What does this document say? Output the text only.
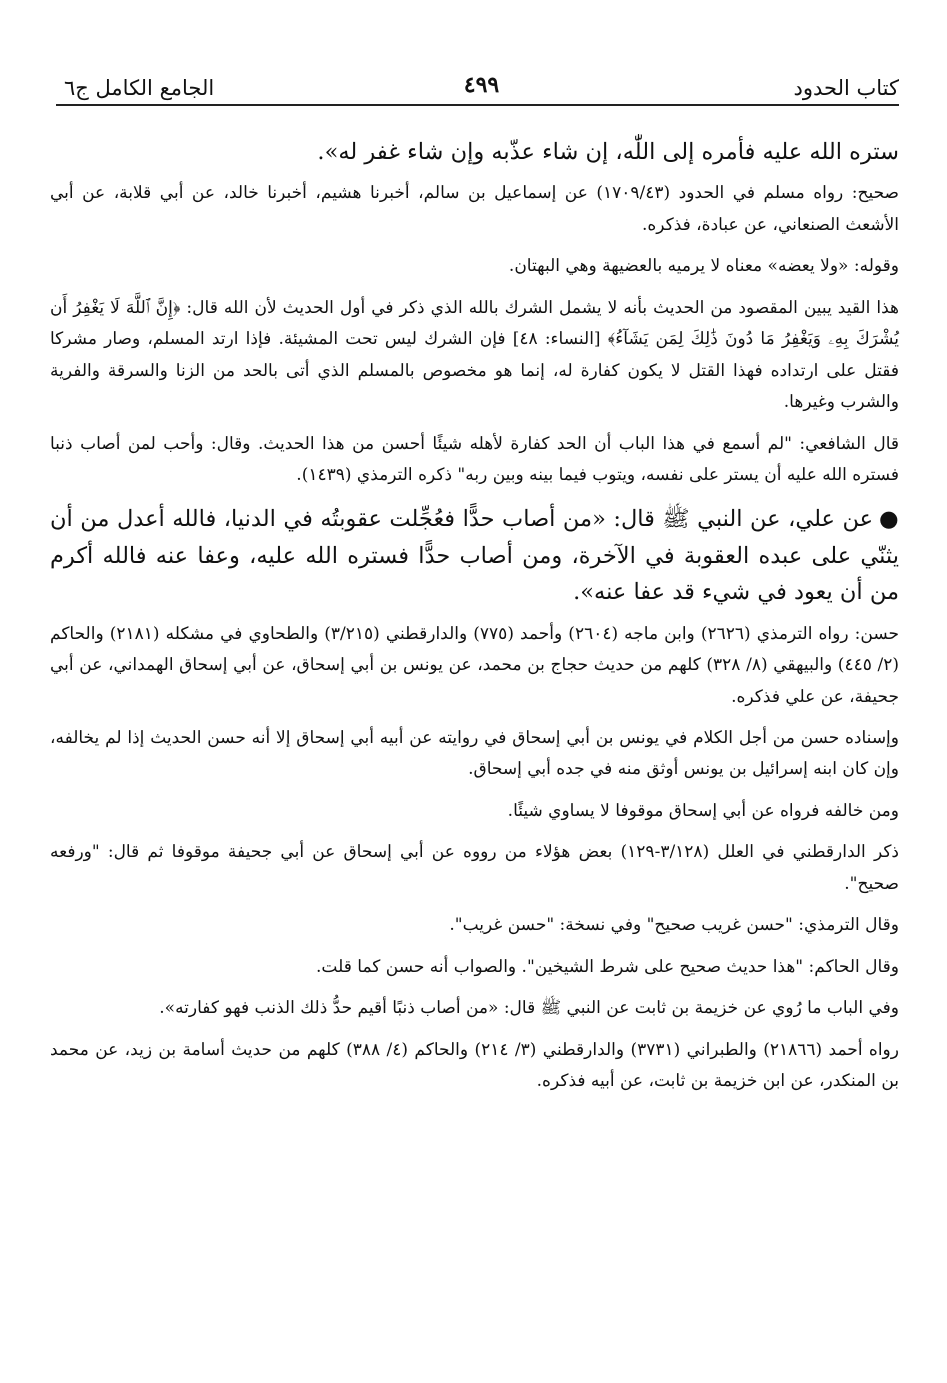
كتاب الحدود
٤٩٩
الجامع الكامل ج٦

ستره الله عليه فأمره إلى اللّٰه، إن شاء عذّبه وإن شاء غفر له».

صحيح: رواه مسلم في الحدود (١٧٠٩/٤٣) عن إسماعيل بن سالم، أخبرنا هشيم، أخبرنا خالد، عن أبي قلابة، عن أبي الأشعث الصنعاني، عن عبادة، فذكره.

وقوله: «ولا يعضه» معناه لا يرميه بالعضيهة وهي البهتان.

هذا القيد يبين المقصود من الحديث بأنه لا يشمل الشرك بالله الذي ذكر في أول الحديث لأن الله قال: ﴿إِنَّ ٱللَّهَ لَا يَغْفِرُ أَن يُشْرَكَ بِهِۦ وَيَغْفِرُ مَا دُونَ ذَٰلِكَ لِمَن يَشَآءُ﴾ [النساء: ٤٨] فإن الشرك ليس تحت المشيئة. فإذا ارتد المسلم، وصار مشركا فقتل على ارتداده فهذا القتل لا يكون كفارة له، إنما هو مخصوص بالمسلم الذي أتى بالحد من الزنا والسرقة والفرية والشرب وغيرها.

قال الشافعي: "لم أسمع في هذا الباب أن الحد كفارة لأهله شيئًا أحسن من هذا الحديث. وقال: وأحب لمن أصاب ذنبا فستره الله عليه أن يستر على نفسه، ويتوب فيما بينه وبين ربه" ذكره الترمذي (١٤٣٩).

●عن علي، عن النبي ﷺ قال: «من أصاب حدًّا فعُجِّلت عقوبتُه في الدنيا، فالله أعدل من أن يثنّي على عبده العقوبة في الآخرة، ومن أصاب حدًّا فستره الله عليه، وعفا عنه فالله أكرم من أن يعود في شيء قد عفا عنه».

حسن: رواه الترمذي (٢٦٢٦) وابن ماجه (٢٦٠٤) وأحمد (٧٧٥) والدارقطني (٣/٢١٥) والطحاوي في مشكله (٢١٨١) والحاكم (٢/ ٤٤٥) والبيهقي (٨/ ٣٢٨) كلهم من حديث حجاج بن محمد، عن يونس بن أبي إسحاق، عن أبي إسحاق الهمداني، عن أبي جحيفة، عن علي فذكره.

وإسناده حسن من أجل الكلام في يونس بن أبي إسحاق في روايته عن أبيه أبي إسحاق إلا أنه حسن الحديث إذا لم يخالفه، وإن كان ابنه إسرائيل بن يونس أوثق منه في جده أبي إسحاق.

ومن خالفه فرواه عن أبي إسحاق موقوفا لا يساوي شيئًا.

ذكر الدارقطني في العلل (٣/١٢٨-١٢٩) بعض هؤلاء من رووه عن أبي إسحاق عن أبي جحيفة موقوفا ثم قال: "ورفعه صحيح".

وقال الترمذي: "حسن غريب صحيح" وفي نسخة: "حسن غريب".

وقال الحاكم: "هذا حديث صحيح على شرط الشيخين". والصواب أنه حسن كما قلت.

وفي الباب ما رُوي عن خزيمة بن ثابت عن النبي ﷺ قال: «من أصاب ذنبًا أقيم حدُّ ذلك الذنب فهو كفارته».

رواه أحمد (٢١٨٦٦) والطبراني (٣٧٣١) والدارقطني (٣/ ٢١٤) والحاكم (٤/ ٣٨٨) كلهم من حديث أسامة بن زيد، عن محمد بن المنكدر، عن ابن خزيمة بن ثابت، عن أبيه فذكره.
